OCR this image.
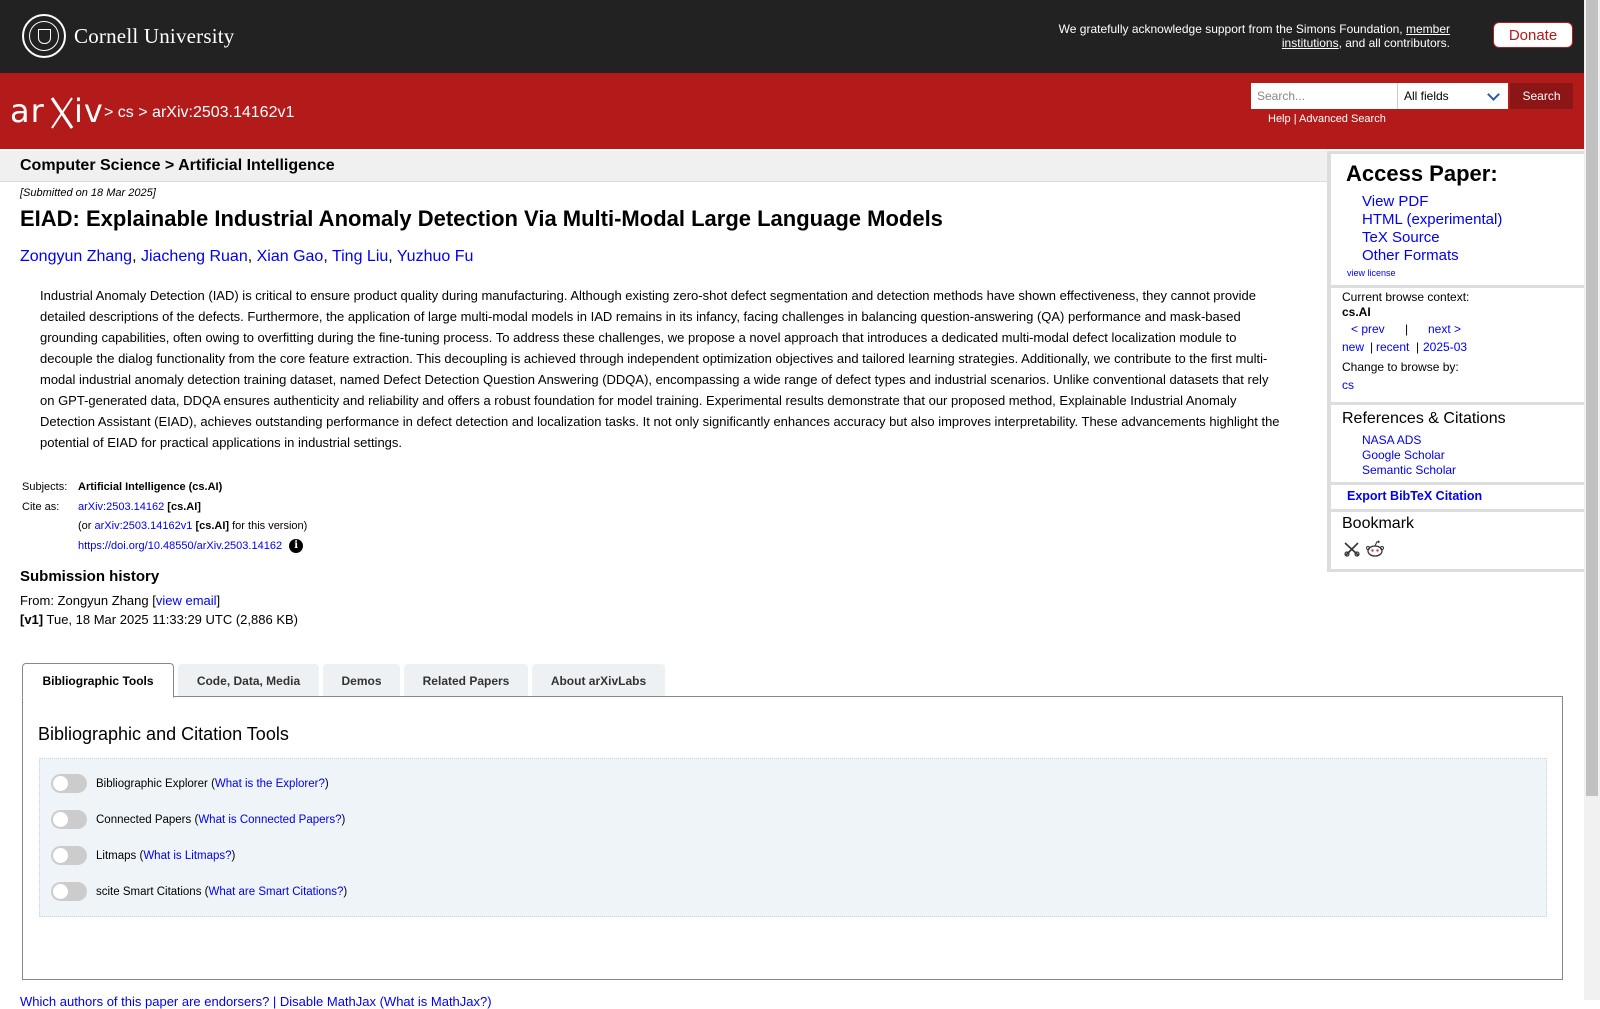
Cornell University	We gratefully acknowledge support from the Simons Foundation, member
institutions, and all contributors.	Donate
ar iv > cs > arXiv:2503.14162v1
Search...	All fields	Search
Help | Advanced Search
Computer Science > Artificial Intelligence
[Submitted on 18 Mar 2025]
EIAD: Explainable Industrial Anomaly Detection Via Multi-Modal Large Language Models
Zongyun Zhang, Jiacheng Ruan, Xian Gao, Ting Liu, Yuzhuo Fu
Industrial Anomaly Detection (IAD) is critical to ensure product quality during manufacturing. Although existing zero-shot defect segmentation and detection methods have shown effectiveness, they cannot provide detailed descriptions of the defects. Furthermore, the application of large multi-modal models in IAD remains in its infancy, facing challenges in balancing question-answering (QA) performance and mask-based grounding capabilities, often owing to overfitting during the fine-tuning process. To address these challenges, we propose a novel approach that introduces a dedicated multi-modal defect localization module to decouple the dialog functionality from the core feature extraction. This decoupling is achieved through independent optimization objectives and tailored learning strategies. Additionally, we contribute to the first multi-modal industrial anomaly detection training dataset, named Defect Detection Question Answering (DDQA), encompassing a wide range of defect types and industrial scenarios. Unlike conventional datasets that rely on GPT-generated data, DDQA ensures authenticity and reliability and offers a robust foundation for model training. Experimental results demonstrate that our proposed method, Explainable Industrial Anomaly Detection Assistant (EIAD), achieves outstanding performance in defect detection and localization tasks. It not only significantly enhances accuracy but also improves interpretability. These advancements highlight the potential of EIAD for practical applications in industrial settings.
Subjects: Artificial Intelligence (cs.AI)
Cite as: arXiv:2503.14162 [cs.AI]
(or arXiv:2503.14162v1 [cs.AI] for this version)
https://doi.org/10.48550/arXiv.2503.14162 i
Submission history
From: Zongyun Zhang [view email]
[v1] Tue, 18 Mar 2025 11:33:29 UTC (2,886 KB)
Bibliographic Tools	Code, Data, Media	Demos	Related Papers	About arXivLabs
Bibliographic and Citation Tools
Bibliographic Explorer
( What is the Explorer? )
Connected Papers
( What is Connected Papers? )
Litmaps
( What is Litmaps? )
scite Smart Citations
( What are Smart Citations? )
Which authors of this paper are endorsers? | Disable MathJax (What is MathJax?)
Access Paper:
View PDF
HTML (experimental)
TeX Source
Other Formats
view license
Current browse context:
cs.AI
< prev | next >
new | recent | 2025-03
Change to browse by:
cs
References & Citations
NASA ADS
Google Scholar
Semantic Scholar
Export BibTeX Citation
Bookmark
